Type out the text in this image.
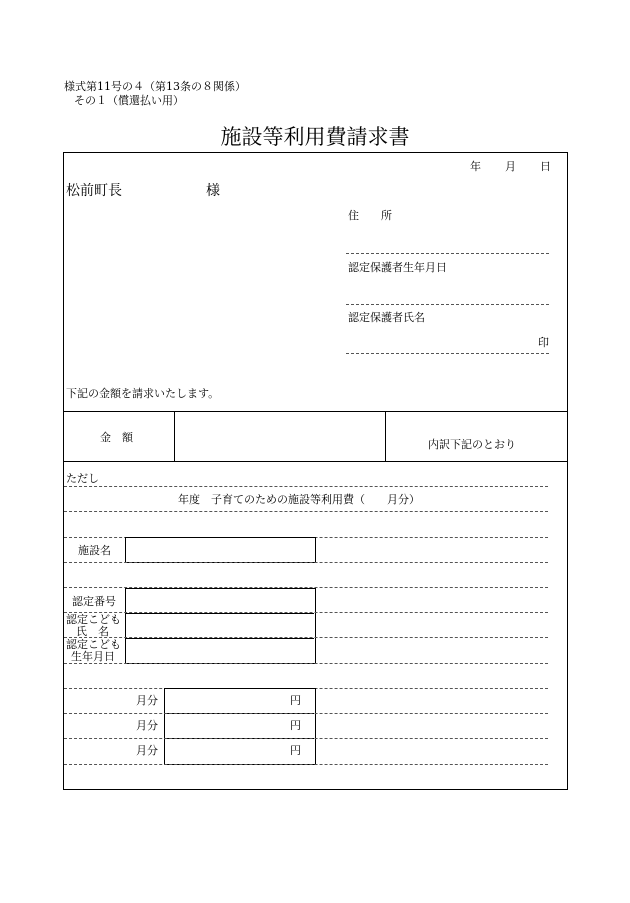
様式第11号の４（第13条の８関係）
その１（償還払い用）
施設等利用費請求書
年 月 日
松前町長	様
住　　所
認定保護者生年月日
認定保護者氏名
印
下記の金額を請求いたします。
金　額
内訳下記のとおり
ただし
年度　子育てのための施設等利用費（　　月分）
施設名
認定番号
認定こども
氏　名
認定こども
生年月日
月分	円
月分	円
月分	円
